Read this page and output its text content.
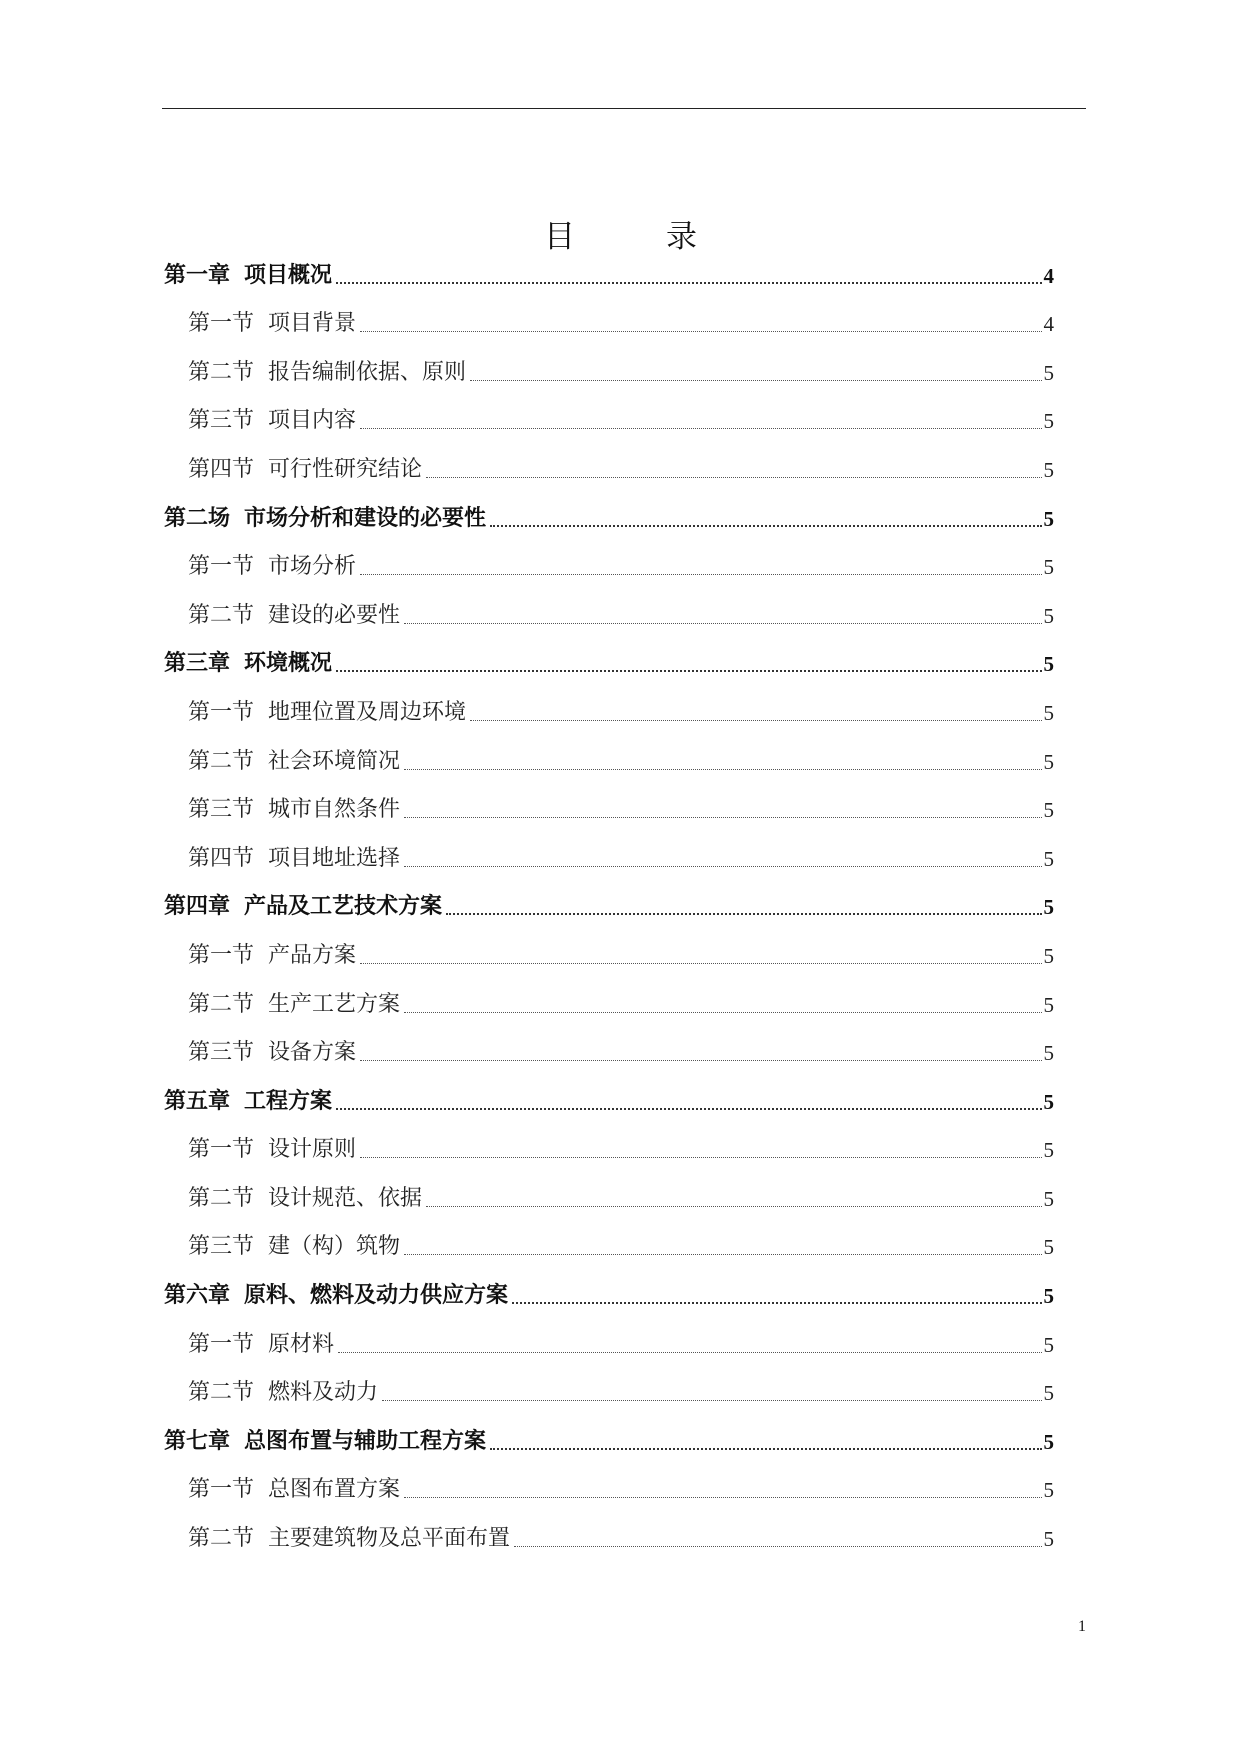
目　录
第一章 项目概况	4
第一节 项目背景	4
第二节 报告编制依据、原则	5
第三节 项目内容	5
第四节 可行性研究结论	5
第二场 市场分析和建设的必要性	5
第一节 市场分析	5
第二节 建设的必要性	5
第三章 环境概况	5
第一节 地理位置及周边环境	5
第二节 社会环境简况	5
第三节 城市自然条件	5
第四节 项目地址选择	5
第四章 产品及工艺技术方案	5
第一节 产品方案	5
第二节 生产工艺方案	5
第三节 设备方案	5
第五章 工程方案	5
第一节 设计原则	5
第二节 设计规范、依据	5
第三节 建（构）筑物	5
第六章 原料、燃料及动力供应方案	5
第一节 原材料	5
第二节 燃料及动力	5
第七章 总图布置与辅助工程方案	5
第一节 总图布置方案	5
第二节 主要建筑物及总平面布置	5
1
